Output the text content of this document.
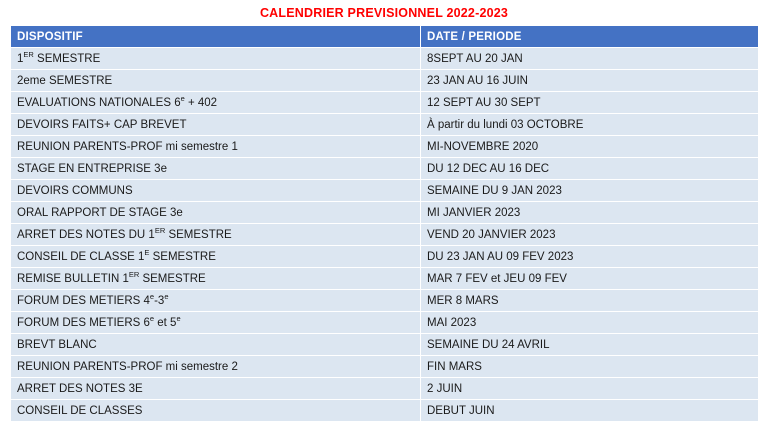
CALENDRIER PREVISIONNEL 2022-2023
DISPOSITIF	DATE / PERIODE

1ER SEMESTRE	8SEPT AU 20 JAN
2eme SEMESTRE	23 JAN AU 16 JUIN

EVALUATIONS NATIONALES $6^e + 402$	12 SEPT AU 30 SEPT
DEVOIRS FAITS+ CAP BREVET	À partir du lundi 03 OCTOBRE
REUNION PARENTS-PROF mi semestre 1	MI-NOVEMBRE 2020
STAGE EN ENTREPRISE 3e	DU 12 DEC AU 16 DEC
DEVOIRS COMMUNS	SEMAINE DU 9 JAN 2023
ORAL RAPPORT DE STAGE 3e	MI JANVIER 2023

ARRET DES NOTES DU 1ER SEMESTRE	VEND 20 JANVIER 2023

CONSEIL DE CLASSE $1^E$ SEMESTRE	DU 23 JAN AU 09 FEV 2023

REMISE BULLETIN 1ER SEMESTRE	MAR 7 FEV et JEU 09 FEV

FORUM DES METIERS 4e-3e	MER 8 MARS

FORUM DES METIERS 6e et 5e	MAI 2023
BREVT BLANC	SEMAINE DU 24 AVRIL
REUNION PARENTS-PROF mi semestre 2	FIN MARS
ARRET DES NOTES 3E	2 JUIN
CONSEIL DE CLASSES	DEBUT JUIN
